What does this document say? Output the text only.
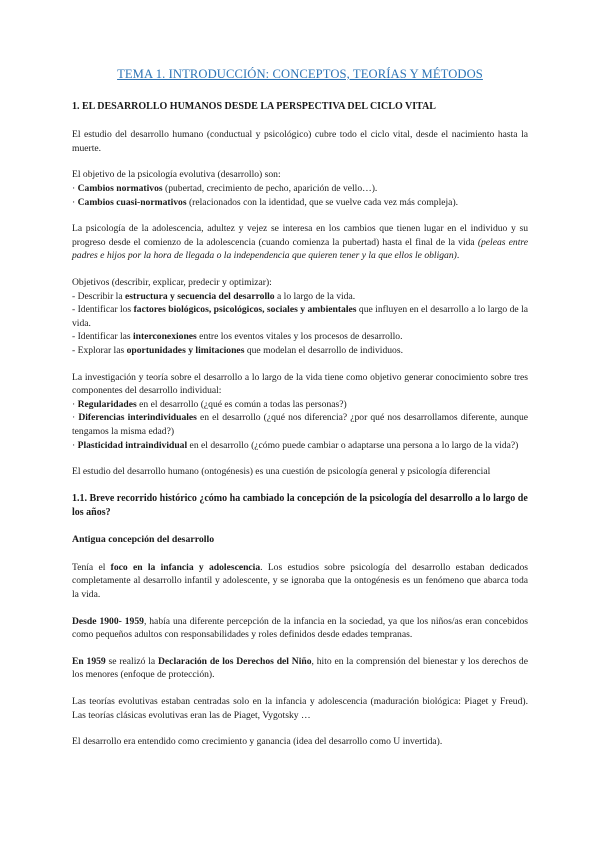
TEMA 1. INTRODUCCIÓN: CONCEPTOS, TEORÍAS Y MÉTODOS
1. EL DESARROLLO HUMANOS DESDE LA PERSPECTIVA DEL CICLO VITAL

El estudio del desarrollo humano (conductual y psicológico) cubre todo el ciclo vital, desde el nacimiento hasta la muerte.

El objetivo de la psicología evolutiva (desarrollo) son:
· Cambios normativos (pubertad, crecimiento de pecho, aparición de vello…).
· Cambios cuasi-normativos (relacionados con la identidad, que se vuelve cada vez más compleja).

La psicología de la adolescencia, adultez y vejez se interesa en los cambios que tienen lugar en el individuo y su progreso desde el comienzo de la adolescencia (cuando comienza la pubertad) hasta el final de la vida (peleas entre padres e hijos por la hora de llegada o la independencia que quieren tener y la que ellos le obligan).

Objetivos (describir, explicar, predecir y optimizar):
- Describir la estructura y secuencia del desarrollo a lo largo de la vida.
- Identificar los factores biológicos, psicológicos, sociales y ambientales que influyen en el desarrollo a lo largo de la vida.
- Identificar las interconexiones entre los eventos vitales y los procesos de desarrollo.
- Explorar las oportunidades y limitaciones que modelan el desarrollo de individuos.
La investigación y teoría sobre el desarrollo a lo largo de la vida tiene como objetivo generar conocimiento sobre tres componentes del desarrollo individual:
· Regularidades en el desarrollo (¿qué es común a todas las personas?)
· Diferencias interindividuales en el desarrollo (¿qué nos diferencia? ¿por qué nos desarrollamos diferente, aunque tengamos la misma edad?)
· Plasticidad intraindividual en el desarrollo (¿cómo puede cambiar o adaptarse una persona a lo largo de la vida?)

El estudio del desarrollo humano (ontogénesis) es una cuestión de psicología general y psicología diferencial

1.1. Breve recorrido histórico ¿cómo ha cambiado la concepción de la psicología del desarrollo a lo largo de los años?
Antigua concepción del desarrollo

Tenía el foco en la infancia y adolescencia. Los estudios sobre psicología del desarrollo estaban dedicados completamente al desarrollo infantil y adolescente, y se ignoraba que la ontogénesis es un fenómeno que abarca toda la vida.

Desde 1900- 1959, había una diferente percepción de la infancia en la sociedad, ya que los niños/as eran concebidos como pequeños adultos con responsabilidades y roles definidos desde edades tempranas.

En 1959 se realizó la Declaración de los Derechos del Niño, hito en la comprensión del bienestar y los derechos de los menores (enfoque de protección).

Las teorías evolutivas estaban centradas solo en la infancia y adolescencia (maduración biológica: Piaget y Freud). Las teorías clásicas evolutivas eran las de Piaget, Vygotsky …

El desarrollo era entendido como crecimiento y ganancia (idea del desarrollo como U invertida).
